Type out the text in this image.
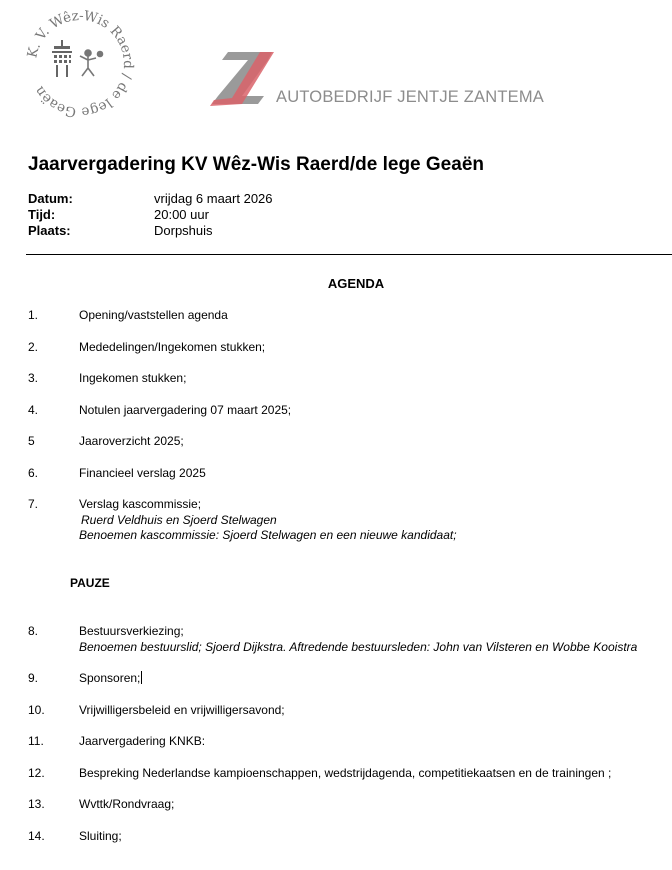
K. V. Wêz-Wis Raerd / de lege Geaën	AUTOBEDRIJF JENTJE ZANTEMA
Jaarvergadering KV Wêz-Wis Raerd/de lege Geaën
Datum:	vrijdag 6 maart 2026
Tijd:	20:00 uur
Plaats:	Dorpshuis
AGENDA
1.	Opening/vaststellen agenda
2.	Mededelingen/Ingekomen stukken;
3.	Ingekomen stukken;
4.	Notulen jaarvergadering 07 maart 2025;
5	Jaaroverzicht 2025;
6.	Financieel verslag 2025
7.	Verslag kascommissie;
Ruerd Veldhuis en Sjoerd Stelwagen
Benoemen kascommissie: Sjoerd Stelwagen en een nieuwe kandidaat;
PAUZE
8.	Bestuursverkiezing;
Benoemen bestuurslid; Sjoerd Dijkstra. Aftredende bestuursleden: John van Vilsteren en Wobbe Kooistra
9.	Sponsoren;
10.	Vrijwilligersbeleid en vrijwilligersavond;
11.	Jaarvergadering KNKB:
12.	Bespreking Nederlandse kampioenschappen, wedstrijdagenda, competitiekaatsen en de trainingen ;
13.	Wvttk/Rondvraag;
14.	Sluiting;
